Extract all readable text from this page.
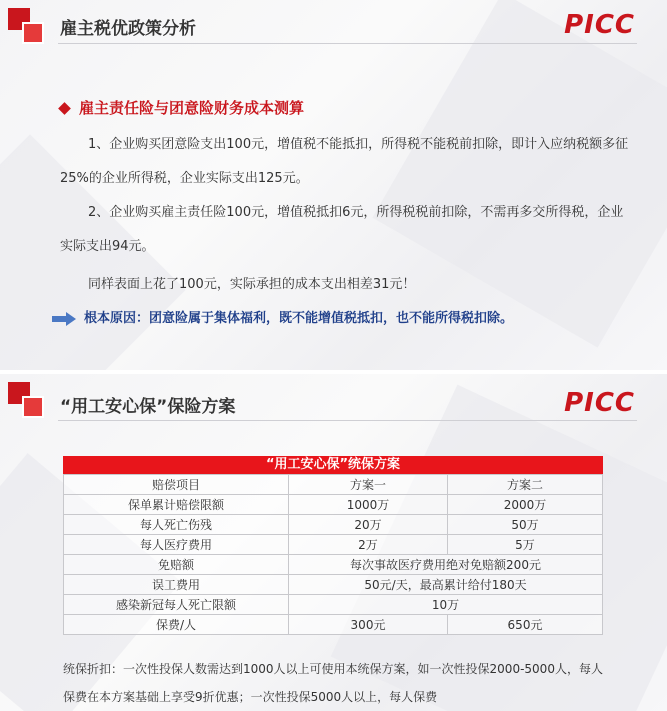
雇主税优政策分析	PICC
雇主责任险与团意险财务成本测算
1、企业购买团意险支出100元，增值税不能抵扣，所得税不能税前扣除，即计入应纳税额多征25%的企业所得税，企业实际支出125元。
2、企业购买雇主责任险100元，增值税抵扣6元，所得税税前扣除，不需再多交所得税，企业实际支出94元。
同样表面上花了100元，实际承担的成本支出相差31元！
根本原因：团意险属于集体福利，既不能增值税抵扣，也不能所得税扣除。
“用工安心保”保险方案	PICC
“用工安心保”统保方案
赔偿项目	方案一	方案二
保单累计赔偿限额	1000万	2000万
每人死亡伤残	20万	50万
每人医疗费用	2万	5万
免赔额	每次事故医疗费用绝对免赔额200元	
误工费用	50元/天，最高累计给付180天	
感染新冠每人死亡限额	10万	
保费/人	300元	650元
统保折扣：一次性投保人数需达到1000人以上可使用本统保方案，如一次性投保2000-5000人，每人保费在本方案基础上享受9折优惠；一次性投保5000人以上，每人保费
